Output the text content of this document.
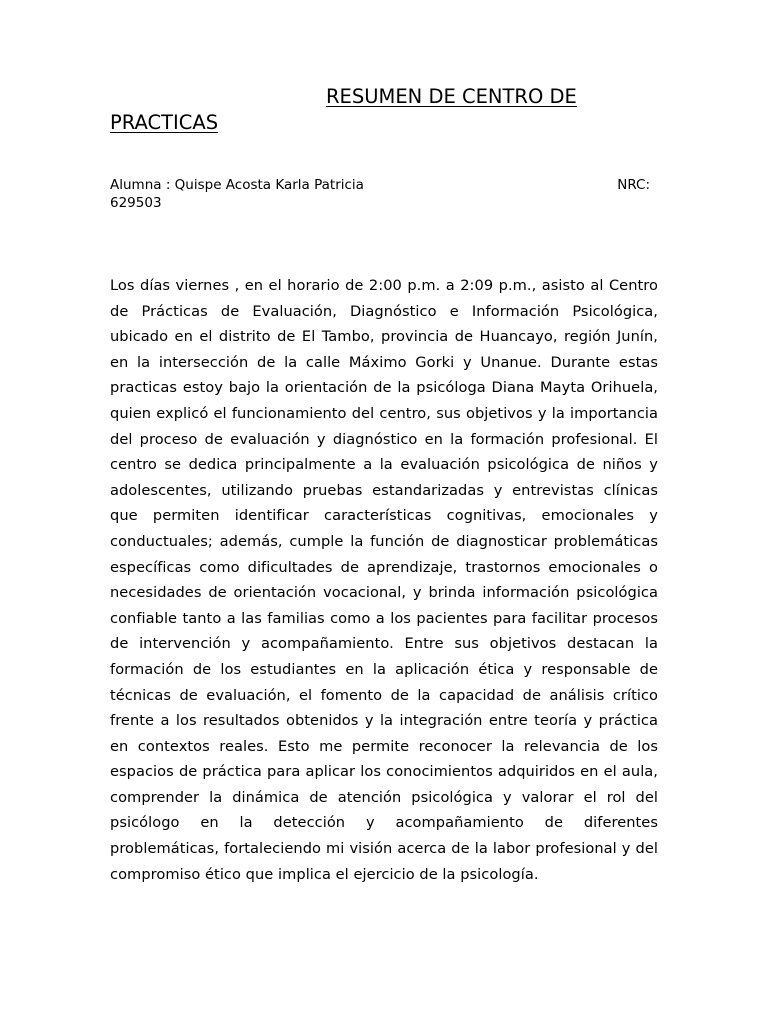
RESUMEN DE CENTRO DE
PRACTICAS
Alumna : Quispe Acosta Karla Patricia	NRC:
629503

Los días viernes , en el horario de 2:00 p.m. a 2:09 p.m., asisto al Centro de Prácticas de Evaluación, Diagnóstico e Información Psicológica, ubicado en el distrito de El Tambo, provincia de Huancayo, región Junín, en la intersección de la calle Máximo Gorki y Unanue. Durante estas practicas estoy bajo la orientación de la psicóloga Diana Mayta Orihuela, quien explicó el funcionamiento del centro, sus objetivos y la importancia del proceso de evaluación y diagnóstico en la formación profesional. El centro se dedica principalmente a la evaluación psicológica de niños y adolescentes, utilizando pruebas estandarizadas y entrevistas clínicas que permiten identificar características cognitivas, emocionales y conductuales; además, cumple la función de diagnosticar problemáticas específicas como dificultades de aprendizaje, trastornos emocionales o necesidades de orientación vocacional, y brinda información psicológica confiable tanto a las familias como a los pacientes para facilitar procesos de intervención y acompañamiento. Entre sus objetivos destacan la formación de los estudiantes en la aplicación ética y responsable de técnicas de evaluación, el fomento de la capacidad de análisis crítico frente a los resultados obtenidos y la integración entre teoría y práctica en contextos reales. Esto me permite reconocer la relevancia de los espacios de práctica para aplicar los conocimientos adquiridos en el aula, comprender la dinámica de atención psicológica y valorar el rol del psicólogo en la detección y acompañamiento de diferentes problemáticas, fortaleciendo mi visión acerca de la labor profesional y del compromiso ético que implica el ejercicio de la psicología.
